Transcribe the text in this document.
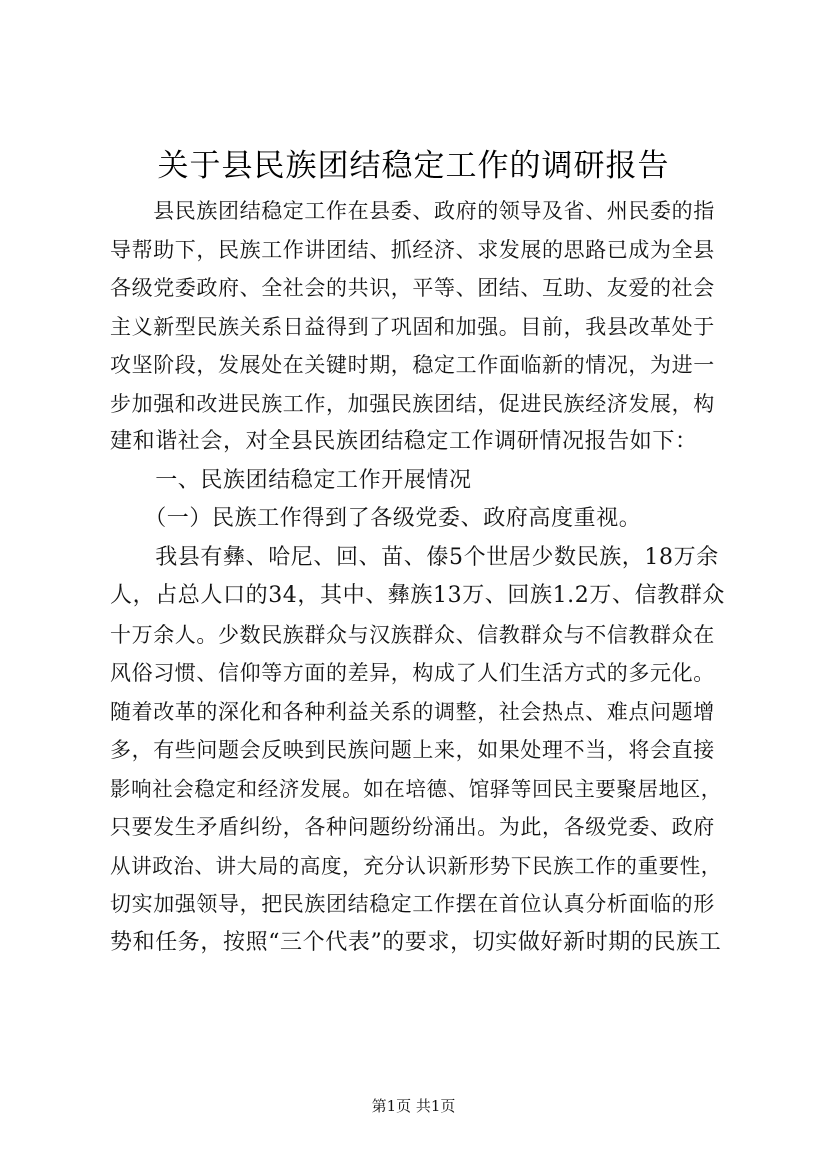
关于县民族团结稳定工作的调研报告
　　县民族团结稳定工作在县委、政府的领导及省、州民委的指
导帮助下，民族工作讲团结、抓经济、求发展的思路已成为全县
各级党委政府、全社会的共识，平等、团结、互助、友爱的社会
主义新型民族关系日益得到了巩固和加强。目前，我县改革处于
攻坚阶段，发展处在关键时期，稳定工作面临新的情况，为进一
步加强和改进民族工作，加强民族团结，促进民族经济发展，构
建和谐社会，对全县民族团结稳定工作调研情况报告如下：
　　一、民族团结稳定工作开展情况
　　（一）民族工作得到了各级党委、政府高度重视。
　　我县有彝、哈尼、回、苗、傣5个世居少数民族，18万余
人，占总人口的34，其中、彝族13万、回族1.2万、信教群众
十万余人。少数民族群众与汉族群众、信教群众与不信教群众在
风俗习惯、信仰等方面的差异，构成了人们生活方式的多元化。
随着改革的深化和各种利益关系的调整，社会热点、难点问题增
多，有些问题会反映到民族问题上来，如果处理不当，将会直接
影响社会稳定和经济发展。如在培德、馆驿等回民主要聚居地区，
只要发生矛盾纠纷，各种问题纷纷涌出。为此，各级党委、政府
从讲政治、讲大局的高度，充分认识新形势下民族工作的重要性，
切实加强领导，把民族团结稳定工作摆在首位认真分析面临的形
势和任务，按照“三个代表”的要求，切实做好新时期的民族工
第1页 共1页
